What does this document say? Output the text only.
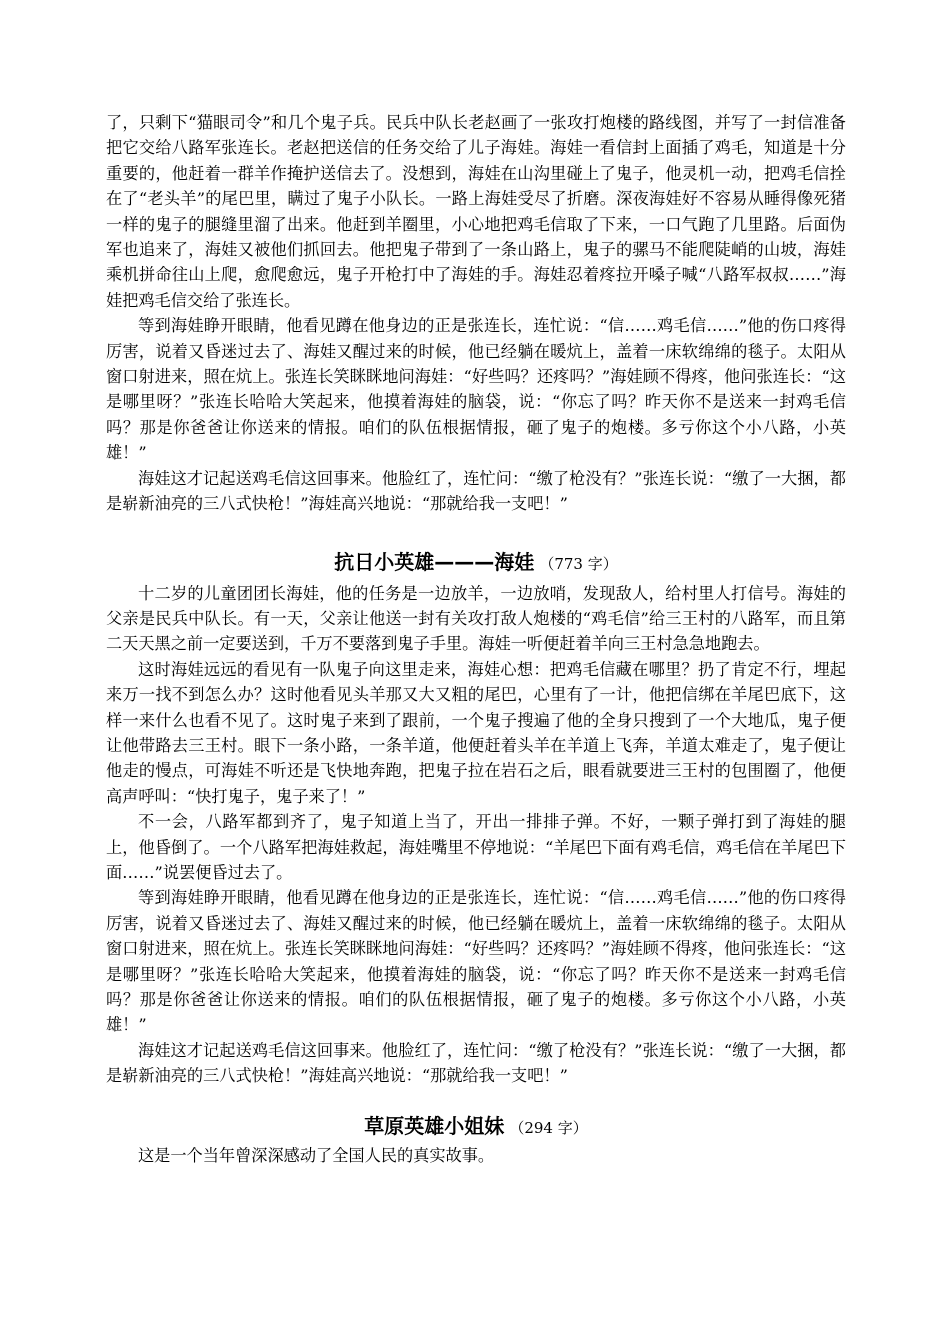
了，只剩下“猫眼司令”和几个鬼子兵。民兵中队长老赵画了一张攻打炮楼的路线图，并写了一封信准备把它交给八路军张连长。老赵把送信的任务交给了儿子海娃。海娃一看信封上面插了鸡毛，知道是十分重要的，他赶着一群羊作掩护送信去了。没想到，海娃在山沟里碰上了鬼子，他灵机一动，把鸡毛信拴在了“老头羊”的尾巴里，瞒过了鬼子小队长。一路上海娃受尽了折磨。深夜海娃好不容易从睡得像死猪一样的鬼子的腿缝里溜了出来。他赶到羊圈里，小心地把鸡毛信取了下来，一口气跑了几里路。后面伪军也追来了，海娃又被他们抓回去。他把鬼子带到了一条山路上，鬼子的骡马不能爬陡峭的山坡，海娃乘机拼命往山上爬，愈爬愈远，鬼子开枪打中了海娃的手。海娃忍着疼拉开嗓子喊“八路军叔叔……”海娃把鸡毛信交给了张连长。

等到海娃睁开眼睛，他看见蹲在他身边的正是张连长，连忙说：“信……鸡毛信……”他的伤口疼得厉害，说着又昏迷过去了、海娃又醒过来的时候，他已经躺在暖炕上，盖着一床软绵绵的毯子。太阳从窗口射进来，照在炕上。张连长笑眯眯地问海娃：“好些吗？还疼吗？”海娃顾不得疼，他问张连长：“这是哪里呀？”张连长哈哈大笑起来，他摸着海娃的脑袋，说：“你忘了吗？昨天你不是送来一封鸡毛信吗？那是你爸爸让你送来的情报。咱们的队伍根据情报，砸了鬼子的炮楼。多亏你这个小八路，小英雄！”

海娃这才记起送鸡毛信这回事来。他脸红了，连忙问：“缴了枪没有？”张连长说：“缴了一大捆，都是崭新油亮的三八式快枪！”海娃高兴地说：“那就给我一支吧！”

抗日小英雄———海娃 （773 字）

十二岁的儿童团团长海娃，他的任务是一边放羊，一边放哨，发现敌人，给村里人打信号。海娃的父亲是民兵中队长。有一天，父亲让他送一封有关攻打敌人炮楼的“鸡毛信”给三王村的八路军，而且第二天天黑之前一定要送到，千万不要落到鬼子手里。海娃一听便赶着羊向三王村急急地跑去。

这时海娃远远的看见有一队鬼子向这里走来，海娃心想：把鸡毛信藏在哪里？扔了肯定不行，埋起来万一找不到怎么办？这时他看见头羊那又大又粗的尾巴，心里有了一计，他把信绑在羊尾巴底下，这样一来什么也看不见了。这时鬼子来到了跟前，一个鬼子搜遍了他的全身只搜到了一个大地瓜，鬼子便让他带路去三王村。眼下一条小路，一条羊道，他便赶着头羊在羊道上飞奔，羊道太难走了，鬼子便让他走的慢点，可海娃不听还是飞快地奔跑，把鬼子拉在岩石之后，眼看就要进三王村的包围圈了，他便高声呼叫：“快打鬼子，鬼子来了！”

不一会，八路军都到齐了，鬼子知道上当了，开出一排排子弹。不好，一颗子弹打到了海娃的腿上，他昏倒了。一个八路军把海娃救起，海娃嘴里不停地说：“羊尾巴下面有鸡毛信，鸡毛信在羊尾巴下面……”说罢便昏过去了。

等到海娃睁开眼睛，他看见蹲在他身边的正是张连长，连忙说：“信……鸡毛信……”他的伤口疼得厉害，说着又昏迷过去了、海娃又醒过来的时候，他已经躺在暖炕上，盖着一床软绵绵的毯子。太阳从窗口射进来，照在炕上。张连长笑眯眯地问海娃：“好些吗？还疼吗？”海娃顾不得疼，他问张连长：“这是哪里呀？”张连长哈哈大笑起来，他摸着海娃的脑袋，说：“你忘了吗？昨天你不是送来一封鸡毛信吗？那是你爸爸让你送来的情报。咱们的队伍根据情报，砸了鬼子的炮楼。多亏你这个小八路，小英雄！”

海娃这才记起送鸡毛信这回事来。他脸红了，连忙问：“缴了枪没有？”张连长说：“缴了一大捆，都是崭新油亮的三八式快枪！”海娃高兴地说：“那就给我一支吧！”

草原英雄小姐妹 （294 字）

这是一个当年曾深深感动了全国人民的真实故事。
